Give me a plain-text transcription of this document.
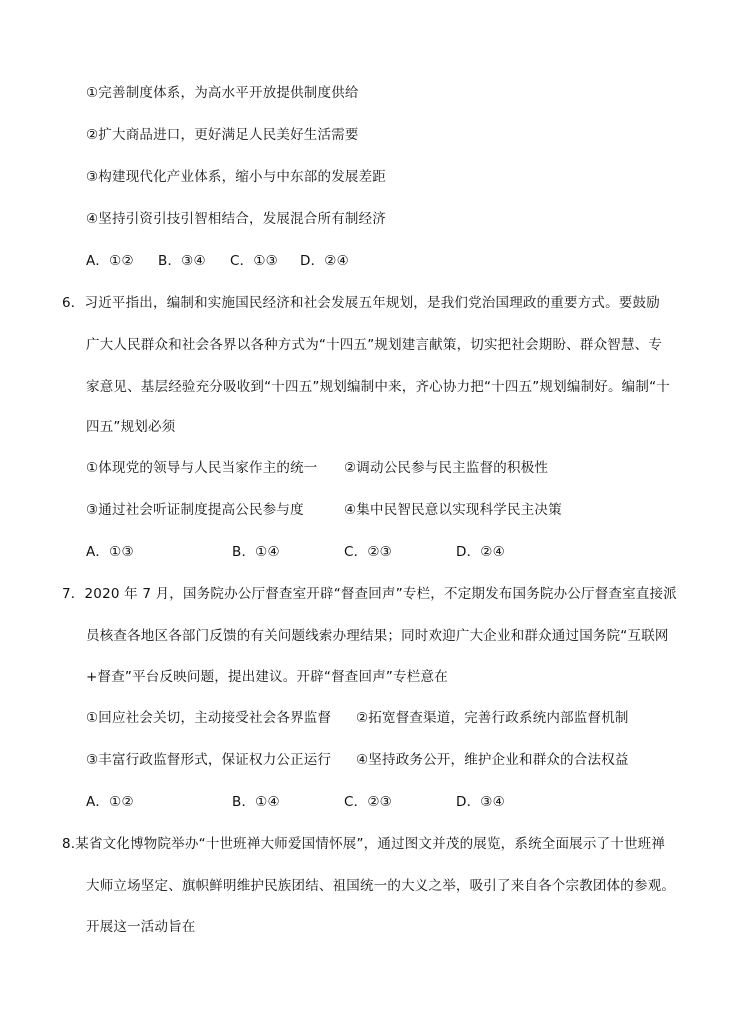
①完善制度体系，为高水平开放提供制度供给
②扩大商品进口，更好满足人民美好生活需要
③构建现代化产业体系，缩小与中东部的发展差距
④坚持引资引技引智相结合，发展混合所有制经济
A．①② B．③④ C．①③ D．②④
6．习近平指出，编制和实施国民经济和社会发展五年规划，是我们党治国理政的重要方式。要鼓励
广大人民群众和社会各界以各种方式为“十四五”规划建言献策，切实把社会期盼、群众智慧、专
家意见、基层经验充分吸收到“十四五”规划编制中来，齐心协力把“十四五”规划编制好。编制“十
四五”规划必须
①体现党的领导与人民当家作主的统一 ②调动公民参与民主监督的积极性
③通过社会听证制度提高公民参与度	④集中民智民意以实现科学民主决策
A．①③	B．①④	C．②③	D．②④
7．2020 年 7 月，国务院办公厅督查室开辟“督查回声”专栏，不定期发布国务院办公厅督查室直接派
员核查各地区各部门反馈的有关问题线索办理结果；同时欢迎广大企业和群众通过国务院“互联网
+督查”平台反映问题，提出建议。开辟“督查回声”专栏意在
①回应社会关切，主动接受社会各界监督 ②拓宽督查渠道，完善行政系统内部监督机制
③丰富行政监督形式，保证权力公正运行 ④坚持政务公开，维护企业和群众的合法权益
A．①②	B．①④	C．②③	D．③④
8.某省文化博物院举办“十世班禅大师爱国情怀展”，通过图文并茂的展览，系统全面展示了十世班禅
大师立场坚定、旗帜鲜明维护民族团结、祖国统一的大义之举，吸引了来自各个宗教团体的参观。
开展这一活动旨在
